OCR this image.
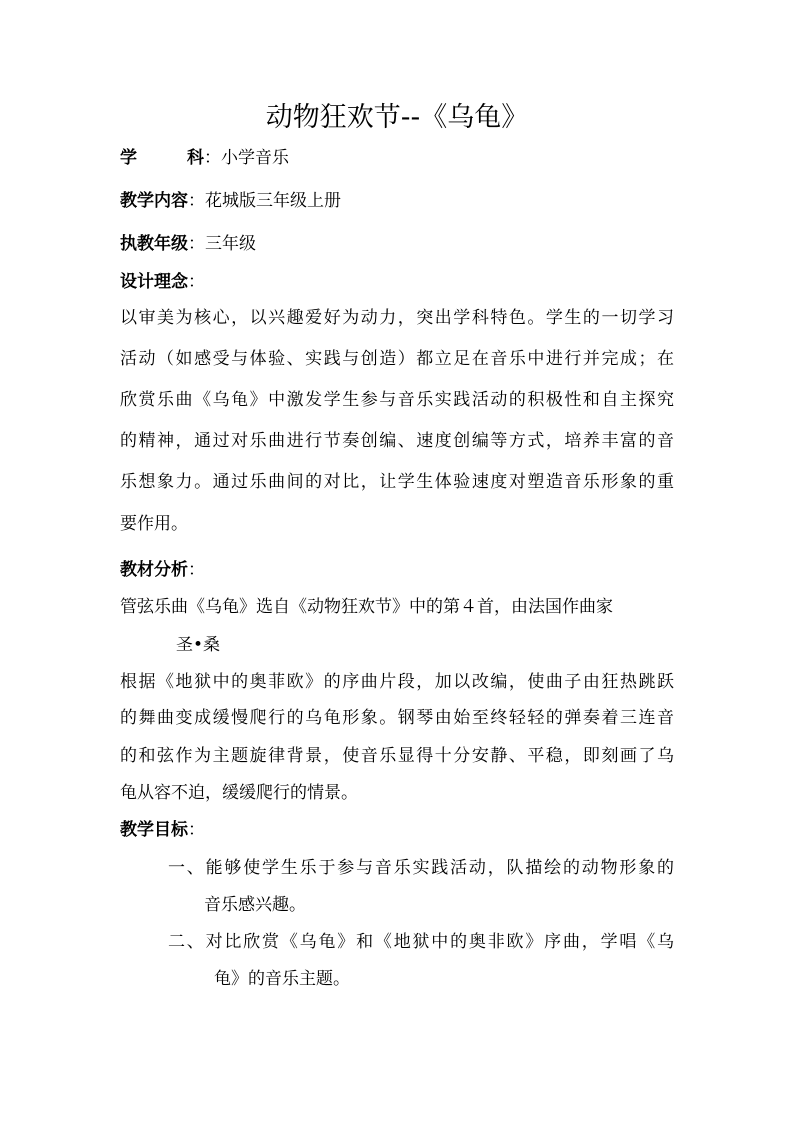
动物狂欢节--《乌龟》
学　　科：小学音乐
教学内容：花城版三年级上册
执教年级：三年级
设计理念：
以审美为核心，以兴趣爱好为动力，突出学科特色。学生的一切学习
活动（如感受与体验、实践与创造）都立足在音乐中进行并完成；在
欣赏乐曲《乌龟》中激发学生参与音乐实践活动的积极性和自主探究
的精神，通过对乐曲进行节奏创编、速度创编等方式，培养丰富的音
乐想象力。通过乐曲间的对比，让学生体验速度对塑造音乐形象的重
要作用。
教材分析：
管弦乐曲《乌龟》选自《动物狂欢节》中的第４首，由法国作曲家
圣•桑
根据《地狱中的奥菲欧》的序曲片段，加以改编，使曲子由狂热跳跃
的舞曲变成缓慢爬行的乌龟形象。钢琴由始至终轻轻的弹奏着三连音
的和弦作为主题旋律背景，使音乐显得十分安静、平稳，即刻画了乌
龟从容不迫，缓缓爬行的情景。
教学目标：
一、能够使学生乐于参与音乐实践活动，队描绘的动物形象的
音乐感兴趣。
二、对比欣赏《乌龟》和《地狱中的奥非欧》序曲，学唱《乌
龟》的音乐主题。
